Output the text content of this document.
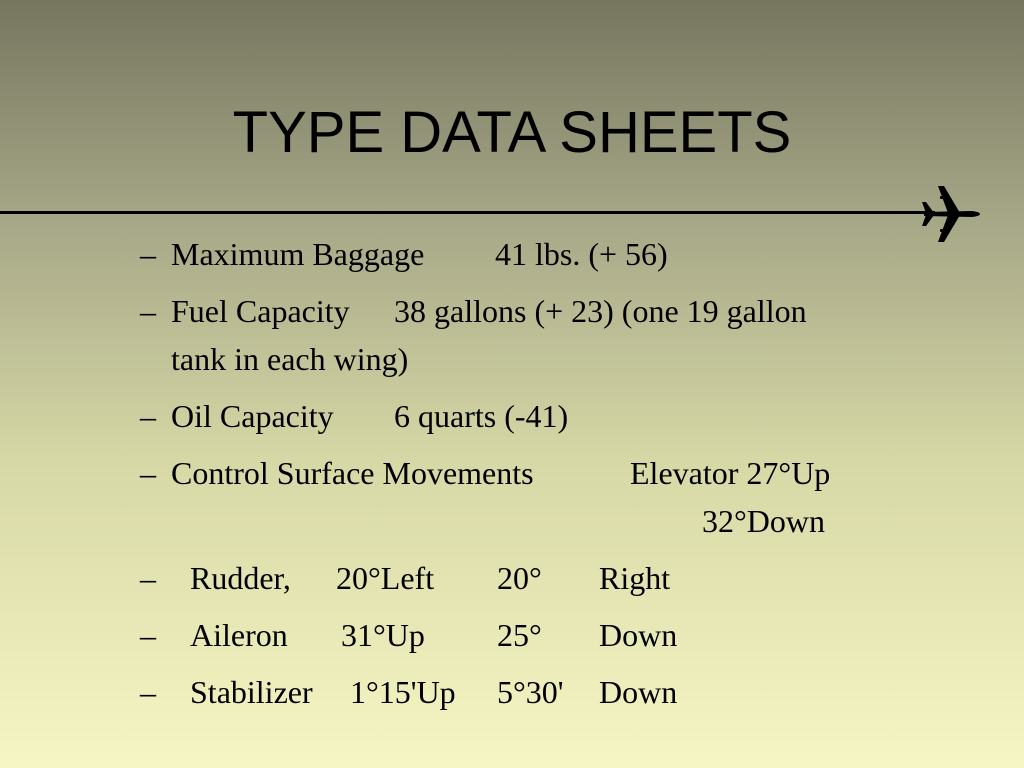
TYPE DATA SHEETS
– Maximum Baggage 41 lbs. (+ 56)
– Fuel Capacity 38 gallons (+ 23) (one 19 gallon
tank in each wing)
– Oil Capacity 6 quarts (-41)
– Control Surface Movements	Elevator 27°Up
32°Down
– Rudder, 20°Left 20° Right
– Aileron 31°Up 25° Down
– Stabilizer 1°15'Up 5°30' Down
